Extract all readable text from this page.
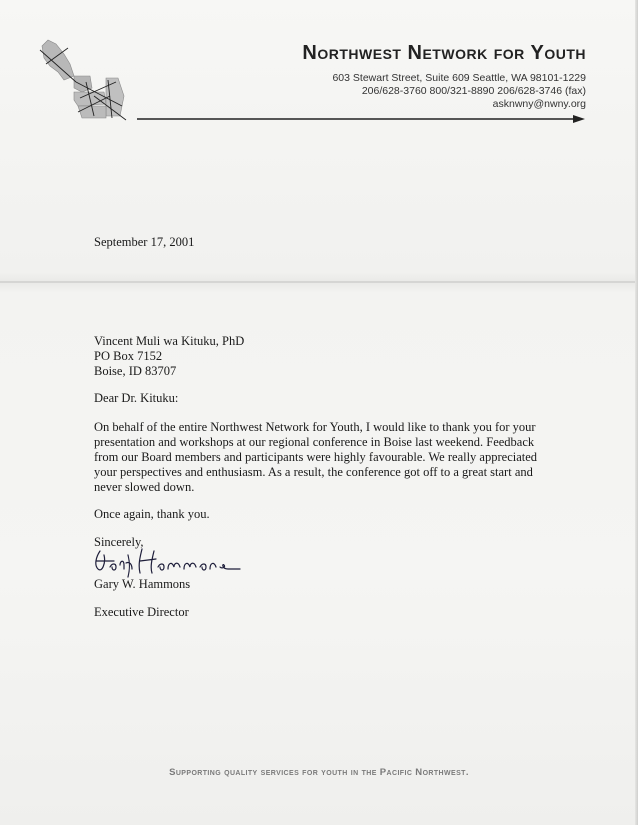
Northwest Network for Youth
603 Stewart Street, Suite 609 Seattle, WA 98101-1229
206/628-3760 800/321-8890 206/628-3746 (fax)
asknwny@nwny.org
September 17, 2001
Vincent Muli wa Kituku, PhD
PO Box 7152
Boise, ID 83707
Dear Dr. Kituku:
On behalf of the entire Northwest Network for Youth, I would like to thank you for your
presentation and workshops at our regional conference in Boise last weekend. Feedback
from our Board members and participants were highly favourable. We really appreciated
your perspectives and enthusiasm. As a result, the conference got off to a great start and
never slowed down.
Once again, thank you.
Sincerely,
Gary W. Hammons
Executive Director
Supporting quality services for youth in the Pacific Northwest.
